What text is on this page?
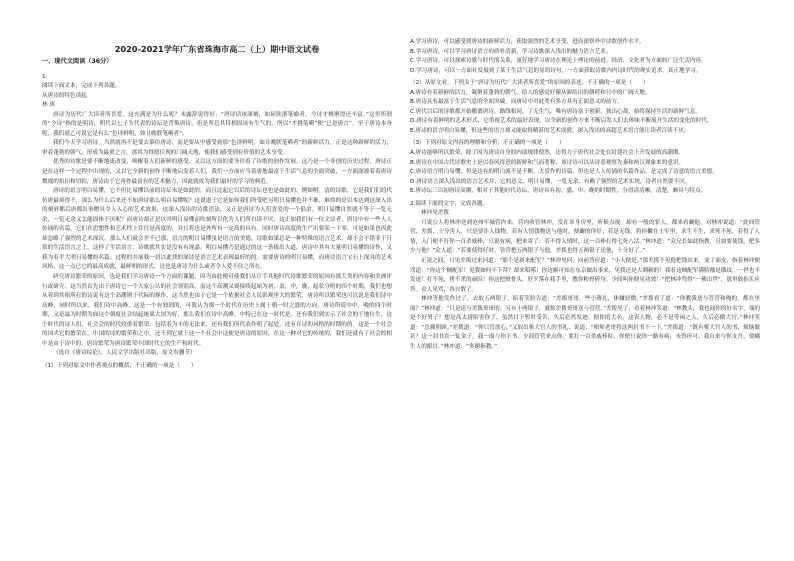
2020-2021学年广东省珠海市高二（上）期中语文试卷
一、现代文阅读（36分）

1.

阅读下面文本，完成下列各题。

从唐诗的特色谈起

林 庚

唐诗为历代广大读者所喜爱，这充满是为什么呢？未露辞说得好：“唐诗话该深刻，如屈肤浙笔喻者，今诗才桃聚得还丰富。”这里所谓的“今诗”指的是明诗，明代以七子为代表的诗坛是背叛唐诗，但是所总其特相固该有生气的，所以“才挑笔嗬”便“已是唐言”。至于唐诗本身呢，我们就乙可说它是有么“色译鲜明，如且晚朕笔嗬者”。

我们今天学习唐诗，当然就再不是要去摹仿唐诗，而是要从中感受到那“色泽鲜明，如且晚朕笔嗬者”的新鲜活力，正是这种新鲜的活力，审着蓬勃的朝气，形成为最重之言，那其为得愿往现的门阔天地，使我们感受到有价值的艺术享受。

优秀的诗歌是要不断地更改变，唤醒着人们新鲜的感受，又以这方面的要务往着了诗歌的创作发展。这乃是一个非创的历史过程，唐诗正是在这样一个过程中出现的，又以它全新的创作不断地启发着人们，我们一方面应当着唐地最富于生活气息的全面突破，一方面深被着着唐诗微视的扣扣和切扣，唐诗由于它再骨最富有的艺术魅力，因此就成为我们最好的学习的典范。

唐诗的语言明白易懂，它不但比易懂以前的诗坛未是如此的，而且比起它以后的诗坛也也是如此的，例如明。清的诗歌，它是我们们的代仿唐最须得不，那么为什么后来还不如唐诗那么明白易懂呢？这说道于它是如何我们所受吧另明日易懂也并不难，难得的是以本达到这深入出的刻唇都后唐都出事赠具令人入心的艺术效果，这深入浅出的诗歌语法，又正是唐诗为人们喜爱的一个倡余。明日易懂自然就不等于一览无余，一览无余又怎能固体不厌呢？而唐诗却正是以其明日易懂而吹刻所以化为人们所自读不厌；这正如我们有一位文诗者，唐诗中有一些人人传诵的名篇，它们在思想性和艺术性上往往是高度的，并且将也是外所有一定高的具有。同时唐诗高度的生产出要某一千零，可是如果也因此却忽略了强烈的艺术深沉，那么人们就会差不已那，语言的明日易懂虽是语言的美德，诗歌如果总是一种特殊的语言艺术，却不会不错非于日常的生活语言之上，这样了生活语言，诗歌就其实是没有有现嘉。明白易懂乃是通过的这一条拔出大道，唐诗中其有大量明日易懂的诗作，又我为着半大明日易懂的名篇；过程的并展我一切以此找的深诗是语言艺术表现最好的的。需要唐诗的明日易懂，而唐诗语言宝石上深具的艺术风格，这一点已它的最高成就，最鲜明的形式，这也是唐诗为什么或者令人爱不住之所在。

研究唐诗繁荣的原因，也是我们学习唐诗一个方面的课题，因为由此便可使我们从计手其他时代诗歌繁荣的原因有那大类的内容和美洲评行或研究。这当然首先由于唐诗它一个大家公认的社会领别高，而这个高潮又诞接续起始为初，盖，中，晚，起状分明的四个时期，我们也想从着到其根所打的诗说有这个高潮则于代际的规作，这当然也由于它是一个依据社会人民影观里大的繁荣，唐诗所以繁荣也可以说是我们诗中高峰，同时所以来，我们诗中高峰，这是一个有独到的，可我认为那一个时代在历史上属于朝一时之盛的方向，唐诗所说中中，晚的四个时期，又是最为时期为面这个朝度社会结起统果大国为好，那么我们在诗中高峰，中特已在这一时代是，还有我们到实示了社会的于地位生，这个时代的诗人们，社会会的时代较重着繁荣，包括着为丰的无法来，还有我们所代表作明了起处，还有在诗的风格的时期的的，这是一个社会的国式它的繁荣在，中国的诗的繁荣和之中，还不到它就上这一个社会中这便是唐诗的原因，在这一种对它的传统的，我们还就有了社会的相中是由于诗中的，唐诗繁荣为唐诗繁荣中国时代它的生产和时代。

（选自《唐诗综论》，人民文学出版社出版，原文有删节）

（1）下列对原文中作者观点的概括，不正确的一项是（　　）

A.学习唐诗，可以感受到唐诗的新鲜活力，获取强烈的艺术享受，进而深察外中诗歌创作水平。

B.学习唐诗，可以学习唐诗语言的质朴清新，学习诗歌深入浅出的魅力语言艺术。

C.学习唐诗，可以探索诗歌与时代的关系，更好地学习唐诗在理论上理论的前进、经济、文化者为方面的广泛生活内容。

D.学习唐诗，可以一方面社发展到了某于生活气息的显的诗句，一方面获取诗歌内内诗时代的现实追求，真正地学习。

（2）从原文看，下列关于“唐诗为历代广大读者所喜爱”的原因的表述，不正确的一项是（　　）

A.唐诗有着新鲜的活力，凝聚着蓬勃的朝气，给人的感觉好像从新结出的朝荷和日中的广阔天地。

B.唐诗具有最富于生活气息的全面突破，而唐诗中对此类有多方具有正面意义的前方。

C.唐代以后的诗歌都开始撤离唐诗，路线相同，了无生气，唯有唐诗富于创新，独出心裁，始终保持生活的新鲜气息。

D.唐诗有着鲜明的艺术形式，它重视艺术的最好表现，以全新的创作方来不断启发人们去体味不断展开生活的变化的时代。

E.唐诗的语言明白易懂，但这些的语言却又能取得精湛的艺术成就，深入浅出的高超艺术语言能让读者百读不厌。

（3）下列对原文内容的理解和分析，不正确的一项是（　　）

A.唐诗能够所以繁荣，除了因为唐诗自身的内部规律使然，还得力于唐代社会处在封建社会上升发展的高潮期。

B.唐诗在中国古代诗歌史上是以春风得意的新鲜和气而著称，该诗诗可以从诗意观察先秦和两汉现象来的意识。

C.唐诗语言明白易懂，但是这有的明白流不是不断，大赏作的诗篇，但也是人人传诵的名篇作品，是完成了诗意的语言美德。

D.唐诗语言深入浅出的语言艺术并，它的意义，明日易懂，一览无余，有赖了强烈的艺术实现，诗者自然要不厌。

E.唐诗坛三以初唐诗高潮，相对于其他时代诗坛，唐诗具有初、盛、中、晚的时期性，分得清清晰，清楚，颇具与特点。

2.阅读下面的文字，完成各题。

林冲见差拨

只说公人将林冲送到沧州牢城营内来。营内收管林冲，发在单身房里，听候点视。却有一般的罪人，都来看觑他，对林冲说道：“此间管营、差拨，十分害人，只是要诈人钱物。若有人情钱物送与他时，便觑的你好；若是无钱，将你撇在土牢里，求生不生，求死不死。若得了人情，入门便不打你一百杀威棒，只说有病，把来寄了；若不得人情时，这一百棒打得七死八活。”林冲道：“众兄长如此指教，且如要使钱，把多少与他？”众人道：“若要使得好时，管营把五两银子与他，差拨也得五两银子送他，十分好了。”

正说之间，只见差拨过来问道：“那个是新来配军？”林冲见问，向前答应道：“小人便是。”那差拨不见他把钱出来，变了面皮，指着林冲便骂道：“你这个贼配军！见我如何不下拜？却来唱喏！你这厮可知在东京做出事来，见我还是大刺刺的！我看这贼配军满脸都是饿纹，一世也不发迹！打不死，拷不杀的顽囚！你这把贼骨头，好歹落在我手里，教你粉骨碎身。少间叫你便见功效！”把林冲骂得“一佛出世”，那里敢抬头应答。众人见骂，各自散了。

林冲等他发作过了，去取五两银子，陪着笑脸告道：“差拨哥哥，些小薄礼，休嫌轻微。”差拨看了道：“你教我送与管营和俺的，都在里面？”林冲道：“只是送与差拨哥哥的；另有十两银子，就烦差拨哥哥送与管营。”差拨见了，看着林冲笑道：“林教头，我也闻你的好名字，端的是个好男子！想是高太尉陷害你了。虽然目下暂时受苦，久后必然发迹。据你的大名，这表人物，必不是等闲之人，久后必做大官。”林冲笑道：“总赖照顾。”差拨道：“你只管放心。”又取出柴大官人的书礼，说道：“相烦老哥将这两封书下一下。”差拨道：“既有柴大官人的书，烦恼做甚？这一封书直一锭金子。我一面与你下书，少间管营来点你，要打一百杀威棒时，你便只说你一路有病，未曾痊可。我自来与你支吾，要瞒生人的眼目。”林冲道：“多谢指教。”
